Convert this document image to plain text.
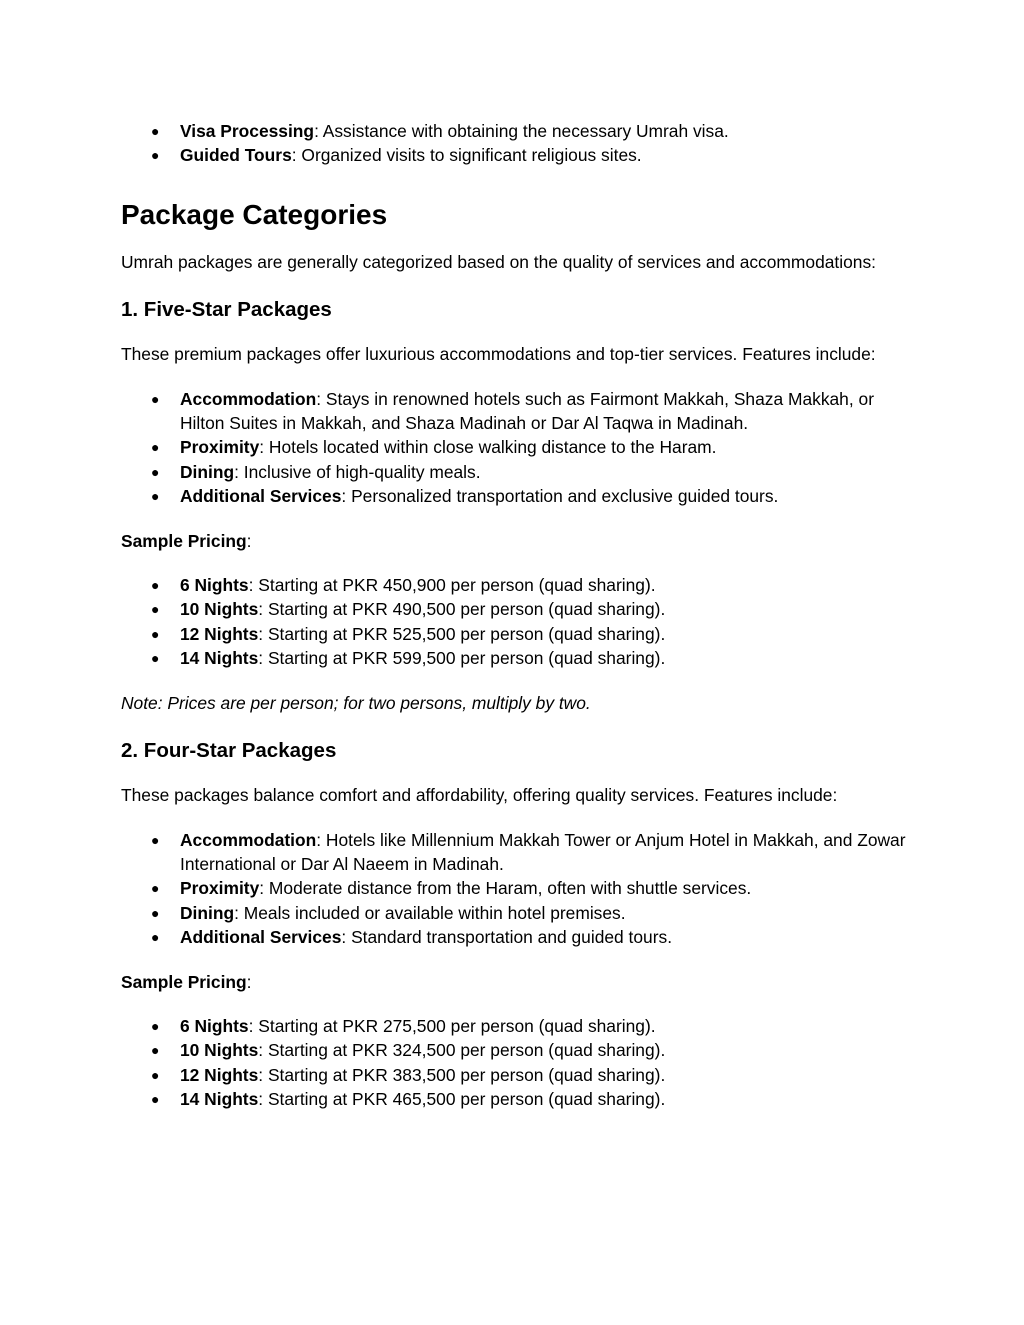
● Visa Processing: Assistance with obtaining the necessary Umrah visa.
● Guided Tours: Organized visits to significant religious sites.
Package Categories

Umrah packages are generally categorized based on the quality of services and accommodations:

1. Five-Star Packages

These premium packages offer luxurious accommodations and top-tier services. Features include:

● Accommodation: Stays in renowned hotels such as Fairmont Makkah, Shaza Makkah, or Hilton Suites in Makkah, and Shaza Madinah or Dar Al Taqwa in Madinah.
● Proximity: Hotels located within close walking distance to the Haram.
● Dining: Inclusive of high-quality meals.
● Additional Services: Personalized transportation and exclusive guided tours.

Sample Pricing:

● 6 Nights: Starting at PKR 450,900 per person (quad sharing).
● 10 Nights: Starting at PKR 490,500 per person (quad sharing).
● 12 Nights: Starting at PKR 525,500 per person (quad sharing).
● 14 Nights: Starting at PKR 599,500 per person (quad sharing).

Note: Prices are per person; for two persons, multiply by two.

2. Four-Star Packages

These packages balance comfort and affordability, offering quality services. Features include:

● Accommodation: Hotels like Millennium Makkah Tower or Anjum Hotel in Makkah, and Zowar International or Dar Al Naeem in Madinah.
● Proximity: Moderate distance from the Haram, often with shuttle services.
● Dining: Meals included or available within hotel premises.
● Additional Services: Standard transportation and guided tours.

Sample Pricing:

● 6 Nights: Starting at PKR 275,500 per person (quad sharing).
● 10 Nights: Starting at PKR 324,500 per person (quad sharing).
● 12 Nights: Starting at PKR 383,500 per person (quad sharing).
● 14 Nights: Starting at PKR 465,500 per person (quad sharing).
